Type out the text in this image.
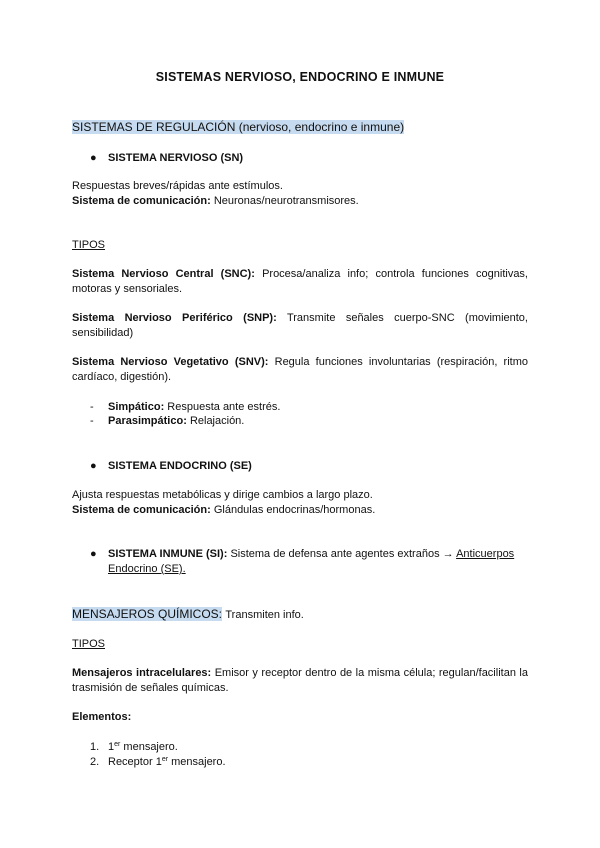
SISTEMAS NERVIOSO, ENDOCRINO E INMUNE
SISTEMAS DE REGULACIÓN (nervioso, endocrino e inmune)
● SISTEMA NERVIOSO (SN)
Respuestas breves/rápidas ante estímulos.
Sistema de comunicación: Neuronas/neurotransmisores.
TIPOS
Sistema Nervioso Central (SNC): Procesa/analiza info; controla funciones cognitivas, motoras y sensoriales.
Sistema Nervioso Periférico (SNP): Transmite señales cuerpo-SNC (movimiento, sensibilidad)
Sistema Nervioso Vegetativo (SNV): Regula funciones involuntarias (respiración, ritmo cardíaco, digestión).
- Simpático: Respuesta ante estrés.
- Parasimpático: Relajación.
● SISTEMA ENDOCRINO (SE)
Ajusta respuestas metabólicas y dirige cambios a largo plazo.
Sistema de comunicación: Glándulas endocrinas/hormonas.
● SISTEMA INMUNE (SI): Sistema de defensa ante agentes extraños → Anticuerpos
Endocrino (SE).
MENSAJEROS QUÍMICOS: Transmiten info.
TIPOS
Mensajeros intracelulares: Emisor y receptor dentro de la misma célula; regulan/facilitan la trasmisión de señales químicas.
Elementos:
1. 1er mensajero.
2. Receptor 1er mensajero.
